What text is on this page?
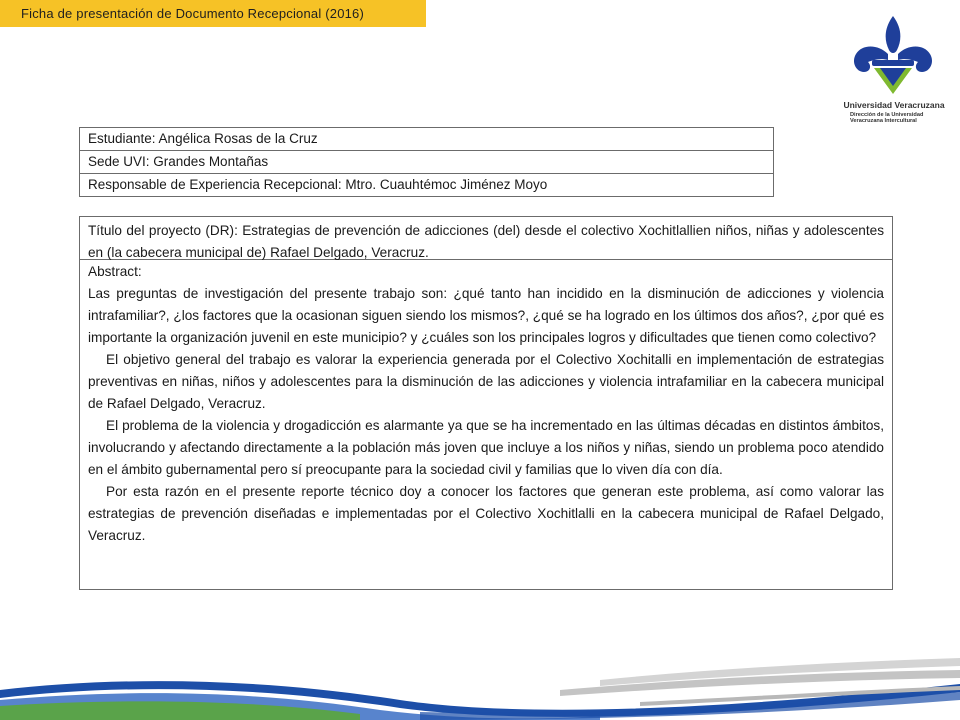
Ficha de presentación de Documento Recepcional (2016)
Universidad Veracruzana
Dirección de la Universidad
Veracruzana Intercultural
Estudiante: Angélica Rosas de la Cruz
Sede UVI: Grandes Montañas
Responsable de Experiencia Recepcional: Mtro. Cuauhtémoc Jiménez Moyo
Título del proyecto (DR): Estrategias de prevención de adicciones (del) desde el colectivo Xochitlallien niños, niñas y adolescentes en (la cabecera municipal de) Rafael Delgado, Veracruz.

Abstract:

Las preguntas de investigación del presente trabajo son: ¿qué tanto han incidido en la disminución de adicciones y violencia intrafamiliar?, ¿los factores que la ocasionan siguen siendo los mismos?, ¿qué se ha logrado en los últimos dos años?, ¿por qué es importante la organización juvenil en este municipio? y ¿cuáles son los principales logros y dificultades que tienen como colectivo?

El objetivo general del trabajo es valorar la experiencia generada por el Colectivo Xochitalli en implementación de estrategias preventivas en niñas, niños y adolescentes para la disminución de las adicciones y violencia intrafamiliar en la cabecera municipal de Rafael Delgado, Veracruz.

El problema de la violencia y drogadicción es alarmante ya que se ha incrementado en las últimas décadas en distintos ámbitos, involucrando y afectando directamente a la población más joven que incluye a los niños y niñas, siendo un problema poco atendido en el ámbito gubernamental pero sí preocupante para la sociedad civil y familias que lo viven día con día.

Por esta razón en el presente reporte técnico doy a conocer los factores que generan este problema, así como valorar las estrategias de prevención diseñadas e implementadas por el Colectivo Xochitlalli en la cabecera municipal de Rafael Delgado, Veracruz.
